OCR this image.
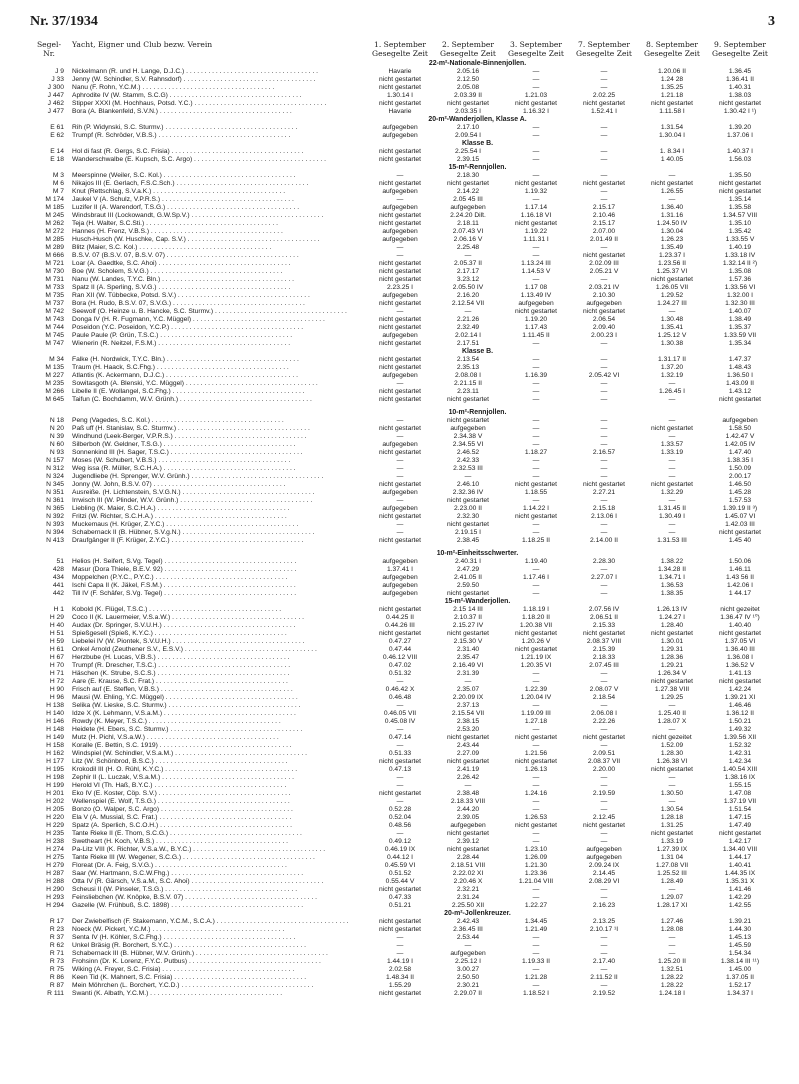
Nr. 37/1934	3
Segel-
Nr.
Yacht, Eigner und Club bezw. Verein	1. September
Gesegelte Zeit
2. September
Gesegelte Zeit
3. September
Gesegelte Zeit
7. September
Gesegelte Zeit
8. September
Gesegelte Zeit
9. September
Gesegelte Zeit
22-m²-Nationale-Binnenjollen.
J 9	Nickelmann (R. und H. Lange, D.J.C.) . . . . . . . . . . . . . . . . . . . . . . . . . . . . . . . . . . . .	Havarie	2.05.16	—	—	1.20.06 II	1.36.45
J 33	Jenny (W. Schindler, S.V. Rahnsdorf) . . . . . . . . . . . . . . . . . . . . . . . . . . . . . . . . . . . .	nicht gestartet	2.12.50	—	—	1.24 28	1.36.41 II
J 300	Nanu (F. Rohn, Y.C.M.) . . . . . . . . . . . . . . . . . . . . . . . . . . . . . . . . . . . .	nicht gestartet	2.05.08	—	—	1.35.25	1.40.31
J 447	Aphrodite IV (W. Stamm, S.C.G) . . . . . . . . . . . . . . . . . . . . . . . . . . . . . . . . . . . .	1.30.14 I	2.03.39 II	1.21.03	2.02.25	1.21.18	1.38.03
J 462	Stipper XXXI (M. Hochhaus, Potsd. Y.C.) . . . . . . . . . . . . . . . . . . . . . . . . . . . . . . . . . . . .	nicht gestartet	nicht gestartet	nicht gestartet	nicht gestartet	nicht gestartet	nicht gestartet
J 477	Bora (A. Blankenfeld, S.V.N.) . . . . . . . . . . . . . . . . . . . . . . . . . . . . . . . . . . . .	Havarie	2.03.35 I	1.16.32 I	1.52.41 I	1.11.58 I	1.30.42 I ¹)
20-m²-Wanderjollen, Klasse A.
E 61	Rih (P. Widynski, S.C. Sturmv.) . . . . . . . . . . . . . . . . . . . . . . . . . . . . . . . . . . . .	aufgegeben	2.17.10	—	—	1.31.54	1.39.20
E 62	Trumpf (R. Schröder, V.B.S.) . . . . . . . . . . . . . . . . . . . . . . . . . . . . . . . . . . . .	aufgegeben	2.09.54 I	—	—	1.30.04 I	1.37.06 I
Klasse B.
E 14	Hol di fast (R. Gergs, S.C. Frisia) . . . . . . . . . . . . . . . . . . . . . . . . . . . . . . . . . . . .	nicht gestartet	2.25.54 I	—	—	1. 8.34 I	1.40.37 I
E 18	Wanderschwalbe (E. Kupsch, S.C. Argo) . . . . . . . . . . . . . . . . . . . . . . . . . . . . . . . . . . . .	nicht gestartet	2.39.15	—	—	1 40.05	1.56.03
15-m²-Rennjollen.
M 3	Meerspinne (Weiler, S.C. Kol.) . . . . . . . . . . . . . . . . . . . . . . . . . . . . . . . . . . . .	—	2.18.30	—	—	—	1.35.50
M 6	Nikajos III (E. Gerlach, F.S.C.Sch.) . . . . . . . . . . . . . . . . . . . . . . . . . . . . . . . . . . . .	nicht gestartet	nicht gestartet	nicht gestartet	nicht gestartet	nicht gestartet	nicht gestartet
M 7	Knut (Rettschlag, S.V.a.K.) . . . . . . . . . . . . . . . . . . . . . . . . . . . . . . . . . . . .	aufgegeben	2.14.22	1.19.32	—	1.26.55	nicht gestartet
M 174	Jaukel V (A. Schulz, V.P.R.S.) . . . . . . . . . . . . . . . . . . . . . . . . . . . . . . . . . . . .	—	2.05 45 III	—	—	—	1.35.14
M 185	Luzifer II (A. Warendorf, T.S.G.) . . . . . . . . . . . . . . . . . . . . . . . . . . . . . . . . . . . .	aufgegeben	aufgegeben	1.17.14	2.15.17	1.36.40	1.35.58
M 245	Windsbraut III (Lockowandt, G.W.Sp.V.) . . . . . . . . . . . . . . . . . . . . . . . . . . . . . . . . . . . .	nicht gestartet	2.24.20 Diſt.	1.16.18 VI	2.10.46	1.31.16	1.34.57 VIII
M 262	Teja (H. Walter, S.C.Sti.) . . . . . . . . . . . . . . . . . . . . . . . . . . . . . . . . . . . .	nicht gestartet	2.18.11	nicht gestartet	2.15.17	1.24.50 IV	1.35.10
M 272	Hannes (H. Frenz, V.B.S.) . . . . . . . . . . . . . . . . . . . . . . . . . . . . . . . . . . . .	aufgegeben	2.07.43 VI	1.19.22	2.07.00	1.30.04	1.35.42
M 285	Husch-Husch (W. Huschke, Cap. S.V.) . . . . . . . . . . . . . . . . . . . . . . . . . . . . . . . . . . . .	aufgegeben	2.06.16 V	1.11.31 I	2.01.49 II	1.26.23	1.33.55 V
M 289	Blitz (Maier, S.C. Kol.) . . . . . . . . . . . . . . . . . . . . . . . . . . . . . . . . . . . .	—	2.25.48	—	—	1.35.49	1.40.19
M 666	B.S.V. 07 (B.S.V. 07, B.S.V. 07) . . . . . . . . . . . . . . . . . . . . . . . . . . . . . . . . . . . .	—	—	—	nicht gestartet	1.23.37 I	1.33.18 IV
M 721	Loar (A. Gaedtke, S.C. Ahoi) . . . . . . . . . . . . . . . . . . . . . . . . . . . . . . . . . . . .	nicht gestartet	2.05.37 II	1.13.24 III	2.02.09 III	1.23.56 II	1.32.14 II ²)
M 730	Boe (W. Scholem, S.V.G.) . . . . . . . . . . . . . . . . . . . . . . . . . . . . . . . . . . . .	nicht gestartet	2.17.17	1.14.53 V	2.05.21 V	1.25.37 VI	1.35.08
M 731	Nanu (W. Landes, T.Y.C. Bln.) . . . . . . . . . . . . . . . . . . . . . . . . . . . . . . . . . . . .	nicht gestartet	3.23.12	—	—	nicht gestartet	1.57.36
M 733	Spatz II (A. Sperling, S.V.G.) . . . . . . . . . . . . . . . . . . . . . . . . . . . . . . . . . . . .	2.23.25 I	2.05.50 IV	1.17 08	2.03.21 IV	1.26.05 VII	1.33.56 VI
M 735	Ran XII (W. Tübbecke, Potsd. S.V.) . . . . . . . . . . . . . . . . . . . . . . . . . . . . . . . . . . . .	aufgegeben	2.16.20	1.13.49 IV	2.10.30	1.29.52	1.32.00 I
M 737	Bora (H. Rudo, B.S.V. 07, S.V.G.) . . . . . . . . . . . . . . . . . . . . . . . . . . . . . . . . . . . .	nicht gestartet	2.12.54 VII	aufgegeben	aufgegeben	1.24.27 III	1.32.30 III
M 742	Seewolf (O. Heinze u. B. Hancke, S.C. Sturmv.) . . . . . . . . . . . . . . . . . . . . . . . . . . . . . . . . . . . .	—	—	nicht gestartet	nicht gestartet	—	1.40.07
M 743	Donga IV (H. R. Fugmann, Y.C. Müggel) . . . . . . . . . . . . . . . . . . . . . . . . . . . . . . . . . . . .	nicht gestartet	2.21.26	1.19.20	2.06.54	1.30.48	1.38.49
M 744	Poseidon (Y.C. Poseidon, Y.C.P.) . . . . . . . . . . . . . . . . . . . . . . . . . . . . . . . . . . . .	nicht gestartet	2.32.49	1.17.43	2.09.40	1.35.41	1.35.37
M 745	Paule Paule (P. Grün, T.S.C.) . . . . . . . . . . . . . . . . . . . . . . . . . . . . . . . . . . . .	aufgegeben	2.02.14 I	1.11.45 II	2.00.23 I	1.25.12 V	1.33.59 VII
M 747	Wienerin (R. Neitzel, F.S.M.) . . . . . . . . . . . . . . . . . . . . . . . . . . . . . . . . . . . .	nicht gestartet	2.17.51	—	—	1.30.38	1.35.34
Klasse B.
M 34	Falke (H. Nordwick, T.Y.C. Bln.) . . . . . . . . . . . . . . . . . . . . . . . . . . . . . . . . . . . .	nicht gestartet	2.13.54	—	—	1.31.17 II	1.47.37
M 135	Traum (H. Haack, S.C.Fhg.) . . . . . . . . . . . . . . . . . . . . . . . . . . . . . . . . . . . .	nicht gestartet	2.35.13	—	—	1.37.20	1.48.43
M 227	Atlantis (K. Ackermann, D.J.C.) . . . . . . . . . . . . . . . . . . . . . . . . . . . . . . . . . . . .	aufgegeben	2.08.08 I	1.16.39	2.05.42 VI	1.32.19	1.36.50 I
M 235	Sowitasgoth (A. Blenski, Y.C. Müggel) . . . . . . . . . . . . . . . . . . . . . . . . . . . . . . . . . . . .	—	2.21.15 II	—	—	—	1.43.09 II
M 266	Libelle II (E. Wollangel, S.C.Fhg.) . . . . . . . . . . . . . . . . . . . . . . . . . . . . . . . . . . . .	nicht gestartet	2.23.11	—	—	1.26.45 I	1.43.12
M 645	Taifun (C. Bochdamm, W.V. Grünh.) . . . . . . . . . . . . . . . . . . . . . . . . . . . . . . . . . . . .	nicht gestartet	nicht gestartet	—	—	—	nicht gestartet
10-m²-Rennjollen.
N 18	Peng (Vagedes, S.C. Kol.) . . . . . . . . . . . . . . . . . . . . . . . . . . . . . . . . . . . .	—	nicht gestartet	—	—	—	aufgegeben
N 20	Paß uff (H. Stanislav, S.C. Sturmv.) . . . . . . . . . . . . . . . . . . . . . . . . . . . . . . . . . . . .	nicht gestartet	aufgegeben	—	—	nicht gestartet	1.58.50
N 39	Windhund (Leek-Berger, V.P.R.S.) . . . . . . . . . . . . . . . . . . . . . . . . . . . . . . . . . . . .	—	2.34.38 V	—	—	—	1.42.47 V
N 60	Silberboh (W. Geldner, T.S.G.) . . . . . . . . . . . . . . . . . . . . . . . . . . . . . . . . . . . .	aufgegeben	2.34.55 VI	—	—	1.33.57	1.42.05 IV
N 93	Sonnenkind III (H. Sager, T.S.C.) . . . . . . . . . . . . . . . . . . . . . . . . . . . . . . . . . . . .	nicht gestartet	2.46.52	1.18.27	2.16.57	1.33.19	1.47.40
N 157	Moses (W. Schubert, V.B.S.) . . . . . . . . . . . . . . . . . . . . . . . . . . . . . . . . . . . .	—	2.42.33	—	—	—	1.38.35 I
N 312	Weg issa (R. Müller, S.C.H.A.) . . . . . . . . . . . . . . . . . . . . . . . . . . . . . . . . . . . .	—	2.32.53 III	—	—	—	1.50.09
N 324	Jugendliebe (H. Sprenger, W.V. Grünh.) . . . . . . . . . . . . . . . . . . . . . . . . . . . . . . . . . . . .	—	—	—	—	—	2.00.17
N 345	Jonny (W. John, B.S.V. 07) . . . . . . . . . . . . . . . . . . . . . . . . . . . . . . . . . . . .	nicht gestartet	2.46.10	nicht gestartet	nicht gestartet	nicht gestartet	1.46.50
N 351	Ausreiße. (H. Lichtenstein, S.V.G.N.) . . . . . . . . . . . . . . . . . . . . . . . . . . . . . . . . . . . .	aufgegeben	2.32.36 IV	1.18.55	2.27.21	1.32.29	1.45.28
N 361	Irrwisch III (W. Plinder, W.V. Grünh.) . . . . . . . . . . . . . . . . . . . . . . . . . . . . . . . . . . . .	—	nicht gestartet	—	—	—	1.57.53
N 365	Liebling (K. Maier, S.C.H.A.) . . . . . . . . . . . . . . . . . . . . . . . . . . . . . . . . . . . .	aufgegeben	2.23.00 II	1.14.22 I	2.15.18	1.31.45 II	1.39.19 II ³)
N 392	Fritzi (W. Richter, S.C.H.A.) . . . . . . . . . . . . . . . . . . . . . . . . . . . . . . . . . . . .	nicht gestartet	2.32.30	nicht gestartet	2.13.06 I	1.30.49 I	1.45.07 VI
N 393	Muckemaus (H. Krüger, Z.Y.C.) . . . . . . . . . . . . . . . . . . . . . . . . . . . . . . . . . . . .	—	nicht gestartet	—	—	—	1.42.03 III
N 394	Schabernack II (B. Hübner, S.V.g.N.) . . . . . . . . . . . . . . . . . . . . . . . . . . . . . . . . . . . .	—	2.19.15 I	—	—	—	nicht gestartet
N 413	Draufgänger II (F. Krüger, Z.Y.C.) . . . . . . . . . . . . . . . . . . . . . . . . . . . . . . . . . . . .	nicht gestartet	2.38.45	1.18.25 II	2.14.00 II	1.31.53 III	1.45 40
10-m²-Einheitsschwerter.
51	Helios (H. Seifert, S.Vg. Tegel) . . . . . . . . . . . . . . . . . . . . . . . . . . . . . . . . . . . .	aufgegeben	2.40.31 I	1.19.40	2.28.30	1.38.22	1.50.06
428	Masur (Dora Thiele, B.E.V. 92) . . . . . . . . . . . . . . . . . . . . . . . . . . . . . . . . . . . .	1.37.41 I	2.47.29	—	—	1.34.28 II	1.46.11
434	Moppelchen (P.Y.C., P.Y.C.) . . . . . . . . . . . . . . . . . . . . . . . . . . . . . . . . . . . .	aufgegeben	2.41.05 II	1.17.46 I	2.27.07 I	1.34.71 I	1.43 56 II
441	Ischi Capa II (K. Jäkel, F.S.M.) . . . . . . . . . . . . . . . . . . . . . . . . . . . . . . . . . . . .	aufgegeben	2.59.50	—	—	1.36.53	1.42.06 I
442	Till IV (F. Schäfer, S.Vg. Tegel) . . . . . . . . . . . . . . . . . . . . . . . . . . . . . . . . . . . .	aufgegeben	nicht gestartet	—	—	1.38.35	1 44.17
15-m²-Wanderjollen.
H 1	Kobold (K. Flügel, T.S.C.) . . . . . . . . . . . . . . . . . . . . . . . . . . . . . . . . . . . .	nicht gestartet	2.15 14 III	1.18.19 I	2.07.56 IV	1.26.13 IV	nicht gezeitet
H 29	Coco II (K. Lauermeier, V.S.a.W.) . . . . . . . . . . . . . . . . . . . . . . . . . . . . . . . . . . . .	0.44.25 II	2.10.37 II	1.18.20 II	2.06.51 II	1.24.27 I	1.36.47 IV ¹⁰)
H 40	Audax (Dr. Springer, S.V.U.H.) . . . . . . . . . . . . . . . . . . . . . . . . . . . . . . . . . . . .	0.44.26 III	2.15.27 IV	1.20.38 VII	2.15.33	1.28.40	1.40.40
H 51	Spießgesell (Spieß, K.Y.C.) . . . . . . . . . . . . . . . . . . . . . . . . . . . . . . . . . . . .	nicht gestartet	nicht gestartet	nicht gestartet	nicht gestartet	nicht gestartet	nicht gestartet
H 59	Liebelei IV (W. Piontek, S.V.U.H.) . . . . . . . . . . . . . . . . . . . . . . . . . . . . . . . . . . . .	0.47.27	2.15.30 V	1.20.26 V	2.08.37 VIII	1.30.01	1.37.05 VI
H 61	Onkel Arnold (Zeuthener S.V., E.S.V.) . . . . . . . . . . . . . . . . . . . . . . . . . . . . . . . . . . . .	0.47.44	2.31.40	nicht gestartet	2.15.39	1.29.31	1.36.40 III
H 67	Herzbube (H. Lucas, V.B.S.) . . . . . . . . . . . . . . . . . . . . . . . . . . . . . . . . . . . .	0.46.12 VIII	2.35.47	1.21.19 IX	2.18.33	1.28.36	1.36.08 I
H 70	Trumpf (R. Drescher, T.S.C.) . . . . . . . . . . . . . . . . . . . . . . . . . . . . . . . . . . . .	0.47.02	2.16.49 VI	1.20.35 VI	2.07.45 III	1.29.21	1.36.52 V
H 71	Häschen (K. Strube, S.C.S.) . . . . . . . . . . . . . . . . . . . . . . . . . . . . . . . . . . . .	0.51.32	2.31.39	—	—	1.26.34 V	1.41.13
H 72	Aare (E. Krause, S.C. Frat.) . . . . . . . . . . . . . . . . . . . . . . . . . . . . . . . . . . . .	—	—	—	—	nicht gestartet	nicht gestartet
H 90	Frisch auf (E. Steffen, V.B.S.) . . . . . . . . . . . . . . . . . . . . . . . . . . . . . . . . . . . .	0.46.42 X	2.35.07	1.22.39	2.08.07 V	1.27.38 VIII	1.42.24
H 96	Mausi (W. Ehling, Y.C. Müggel) . . . . . . . . . . . . . . . . . . . . . . . . . . . . . . . . . . . .	0.46.48	2.20.09 IX	1.20.04 IV	2.18.54	1.29.25	1.39.21 XI
H 138	Selika (W. Lieske, S.C. Sturmv.) . . . . . . . . . . . . . . . . . . . . . . . . . . . . . . . . . . . .	—	2.37.13	—	—	—	1.46.46
H 140	Idze X (K. Lehmann, V.S.a.M.) . . . . . . . . . . . . . . . . . . . . . . . . . . . . . . . . . . . .	0.46.05 VII	2.15.54 VII	1.19.09 III	2.06.08 I	1.25.40 II	1.36.12 II
H 146	Rowdy (K. Meyer, T.S.C.) . . . . . . . . . . . . . . . . . . . . . . . . . . . . . . . . . . . .	0.45.08 IV	2.38.15	1.27.18	2.22.26	1.28.07 X	1.50.21
H 148	Heidete (H. Ebers, S.C. Sturmv.) . . . . . . . . . . . . . . . . . . . . . . . . . . . . . . . . . . . .	—	2.53.20	—	—	—	1.49.32
H 149	Mutz (H. Pichl, V.S.a.W.) . . . . . . . . . . . . . . . . . . . . . . . . . . . . . . . . . . . .	0.47.14	nicht gestartet	nicht gestartet	nicht gestartet	nicht gezeitet	1.39.56 XII
H 158	Koralle (E. Bettin, S.C. 1919) . . . . . . . . . . . . . . . . . . . . . . . . . . . . . . . . . . . .	—	2.43.44	—	—	1.52.09	1.52.32
H 162	Windspiel (W. Schindler, V.S.a.M.) . . . . . . . . . . . . . . . . . . . . . . . . . . . . . . . . . . . .	0.51.33	2.27.09	1.21.56	2.09.51	1.28.30	1.42.31
H 177	Litz (W. Schönbrod, B.S.C.) . . . . . . . . . . . . . . . . . . . . . . . . . . . . . . . . . . . .	nicht gestartet	nicht gestartet	nicht gestartet	2.08.37 VII	1.26.38 VI	1.42.34
H 195	Krokodil III (H. O. Rühl, K.Y.C.) . . . . . . . . . . . . . . . . . . . . . . . . . . . . . . . . . . . .	0.47.13	2.41.19	1.26.13	2.20.00	nicht gestartet	1.40.54 XIII
H 198	Zephir II (L. Luczak, V.S.a.M.) . . . . . . . . . . . . . . . . . . . . . . . . . . . . . . . . . . . .	—	2.26.42	—	—	—	1.38.16 IX
H 199	Herold VI (Th. Haß, B.Y.C.) . . . . . . . . . . . . . . . . . . . . . . . . . . . . . . . . . . . .	—	—	—	—	—	1.55.15
H 201	Eko IV (E. Koster, Cöp. S.V.) . . . . . . . . . . . . . . . . . . . . . . . . . . . . . . . . . . . .	nicht gestartet	2.38.48	1.24.16	2.19.59	1.30.50	1.47.08
H 202	Wellenspiel (E. Wolf, T.S.G.) . . . . . . . . . . . . . . . . . . . . . . . . . . . . . . . . . . . .	—	2.18.33 VIII	—	—	—	1.37.19 VII
H 205	Bonzo (O. Walper, S.C. Argo) . . . . . . . . . . . . . . . . . . . . . . . . . . . . . . . . . . . .	0.52.28	2.44.20	—	—	1.30.54	1.51.54
H 220	Ela V (A. Mussial, S.C. Frat.) . . . . . . . . . . . . . . . . . . . . . . . . . . . . . . . . . . . .	0.52.04	2.39.05	1.26.53	2.12.45	1.28.18	1.47.15
H 229	Spatz (A. Sperlich, S.C.O.H.) . . . . . . . . . . . . . . . . . . . . . . . . . . . . . . . . . . . .	0.48.56	aufgegeben	nicht gestartet	nicht gestartet	1.31.25	1.47.49
H 235	Tante Rieke II (E. Thom, S.C.G.) . . . . . . . . . . . . . . . . . . . . . . . . . . . . . . . . . . . .	—	nicht gestartet	—	—	nicht gestartet	nicht gestartet
H 238	Swetheart (H. Koch, V.B.S.) . . . . . . . . . . . . . . . . . . . . . . . . . . . . . . . . . . . .	0.49.12	2.39.12	—	—	1.33.19	1.42.17
H 274	Pa-Litz VIII (K. Richter, V.S.a.W., B.Y.C.) . . . . . . . . . . . . . . . . . . . . . . . . . . . . . . . . . . . .	0.46.19 IX	nicht gestartet	1.23.10	aufgegeben	1.27.39 IX	1.34.40 VIII
H 275	Tante Rieke III (W. Wegener, S.C.G.) . . . . . . . . . . . . . . . . . . . . . . . . . . . . . . . . . . . .	0.44.12 I	2.28.44	1.26.09	aufgegeben	1.31 04	1.44.17
H 279	Floreat (Dr. A. Feig, S.V.G.) . . . . . . . . . . . . . . . . . . . . . . . . . . . . . . . . . . . .	0.45.59 VI	2.18.51 VIII	1.21.30	2.09.24 IX	1.27.08 VII	1.40.41
H 287	Saar (W. Hartmann, S.C.W.Fhg.) . . . . . . . . . . . . . . . . . . . . . . . . . . . . . . . . . . . .	0.51.52	2.22.02 XI	1.23.36	2.14.45	1.25.52 III	1.44.35 IX
H 288	Otta IV (R. Gärsch, V.S.a.M., S.C. Ahoi) . . . . . . . . . . . . . . . . . . . . . . . . . . . . . . . . . . . .	0.55.44 V	2.20.46 X	1.21.04 VIII	2.08.29 VI	1.28.49	1.35.31 X
H 290	Scheusi II (W. Pinseler, T.S.G.) . . . . . . . . . . . . . . . . . . . . . . . . . . . . . . . . . . . .	nicht gestartet	2.32.21	—	—	—	1.41.46
H 293	Feinsliebchen (W. Knöpke, B.S.V. 07) . . . . . . . . . . . . . . . . . . . . . . . . . . . . . . . . . . . .	0.47.33	2.31.24	—	—	1.29.07	1.42.29
H 294	Gazelle (W. Frühbuß, S.C. 1898) . . . . . . . . . . . . . . . . . . . . . . . . . . . . . . . . . . . .	0.51.21	2.25.50 XII	1.22.27	2.16.23	1.28.17 XI	1.42.55
20-m²-Jollenkreuzer.
R 17	Der Zwiebelfisch (F. Stakemann, Y.C.M., S.C.A.) . . . . . . . . . . . . . . . . . . . . . . . . . . . . . . . . . . . .	nicht gestartet	2.42.43	1.34.45	2.13.25	1.27.46	1.39.21
R 23	Noeck (W. Pickert, Y.C.M.) . . . . . . . . . . . . . . . . . . . . . . . . . . . . . . . . . . . .	nicht gestartet	2.36.45 III	1.21.49	2.10.17 ¹I	1.28.08	1.44.30
R 37	Senta IV (H. Köhler, S.C.Fhg.) . . . . . . . . . . . . . . . . . . . . . . . . . . . . . . . . . . . .	—	2.53.44	—	—	—	1.45.13
R 62	Unkel Bräsig (R. Borchert, S.Y.C.) . . . . . . . . . . . . . . . . . . . . . . . . . . . . . . . . . . . .	—	—	—	—	—	1.45.59
R 71	Schabernack III (B. Hübner, W.V. Grünh.) . . . . . . . . . . . . . . . . . . . . . . . . . . . . . . . . . . . .	—	aufgegeben	—	—	—	1.54.34
R 73	Frohsinn (Dr. K. Lorenz, F.Y.C. Putbus) . . . . . . . . . . . . . . . . . . . . . . . . . . . . . . . . . . . .	1.44.19 I	2.25.12 I	1.19.33 II	2.17.40	1.25.20 II	1.38.14 III ¹¹)
R 75	Wiking (A. Freyer, S.C. Frisia) . . . . . . . . . . . . . . . . . . . . . . . . . . . . . . . . . . . .	2.02.58	3.00.27	—	—	1.32.51	1.45.00
R 86	Keen Tid (K. Mahnert, S.C. Frisia) . . . . . . . . . . . . . . . . . . . . . . . . . . . . . . . . . . . .	1.48.34 II	2.50.50	1.21.28	2.11.52 II	1.28.22	1.37.05 II
R 87	Mein Möhrchen (L. Borchert, Y.C.D.) . . . . . . . . . . . . . . . . . . . . . . . . . . . . . . . . . . . .	1.55.29	2.30.21	—	—	1.28.22	1.52.17
R 111	Swanti (K. Albath, Y.C.M.) . . . . . . . . . . . . . . . . . . . . . . . . . . . . . . . . . . . .	nicht gestartet	2.29.07 II	1.18.52 I	2.19.52	1.24.18 I	1.34.37 I
